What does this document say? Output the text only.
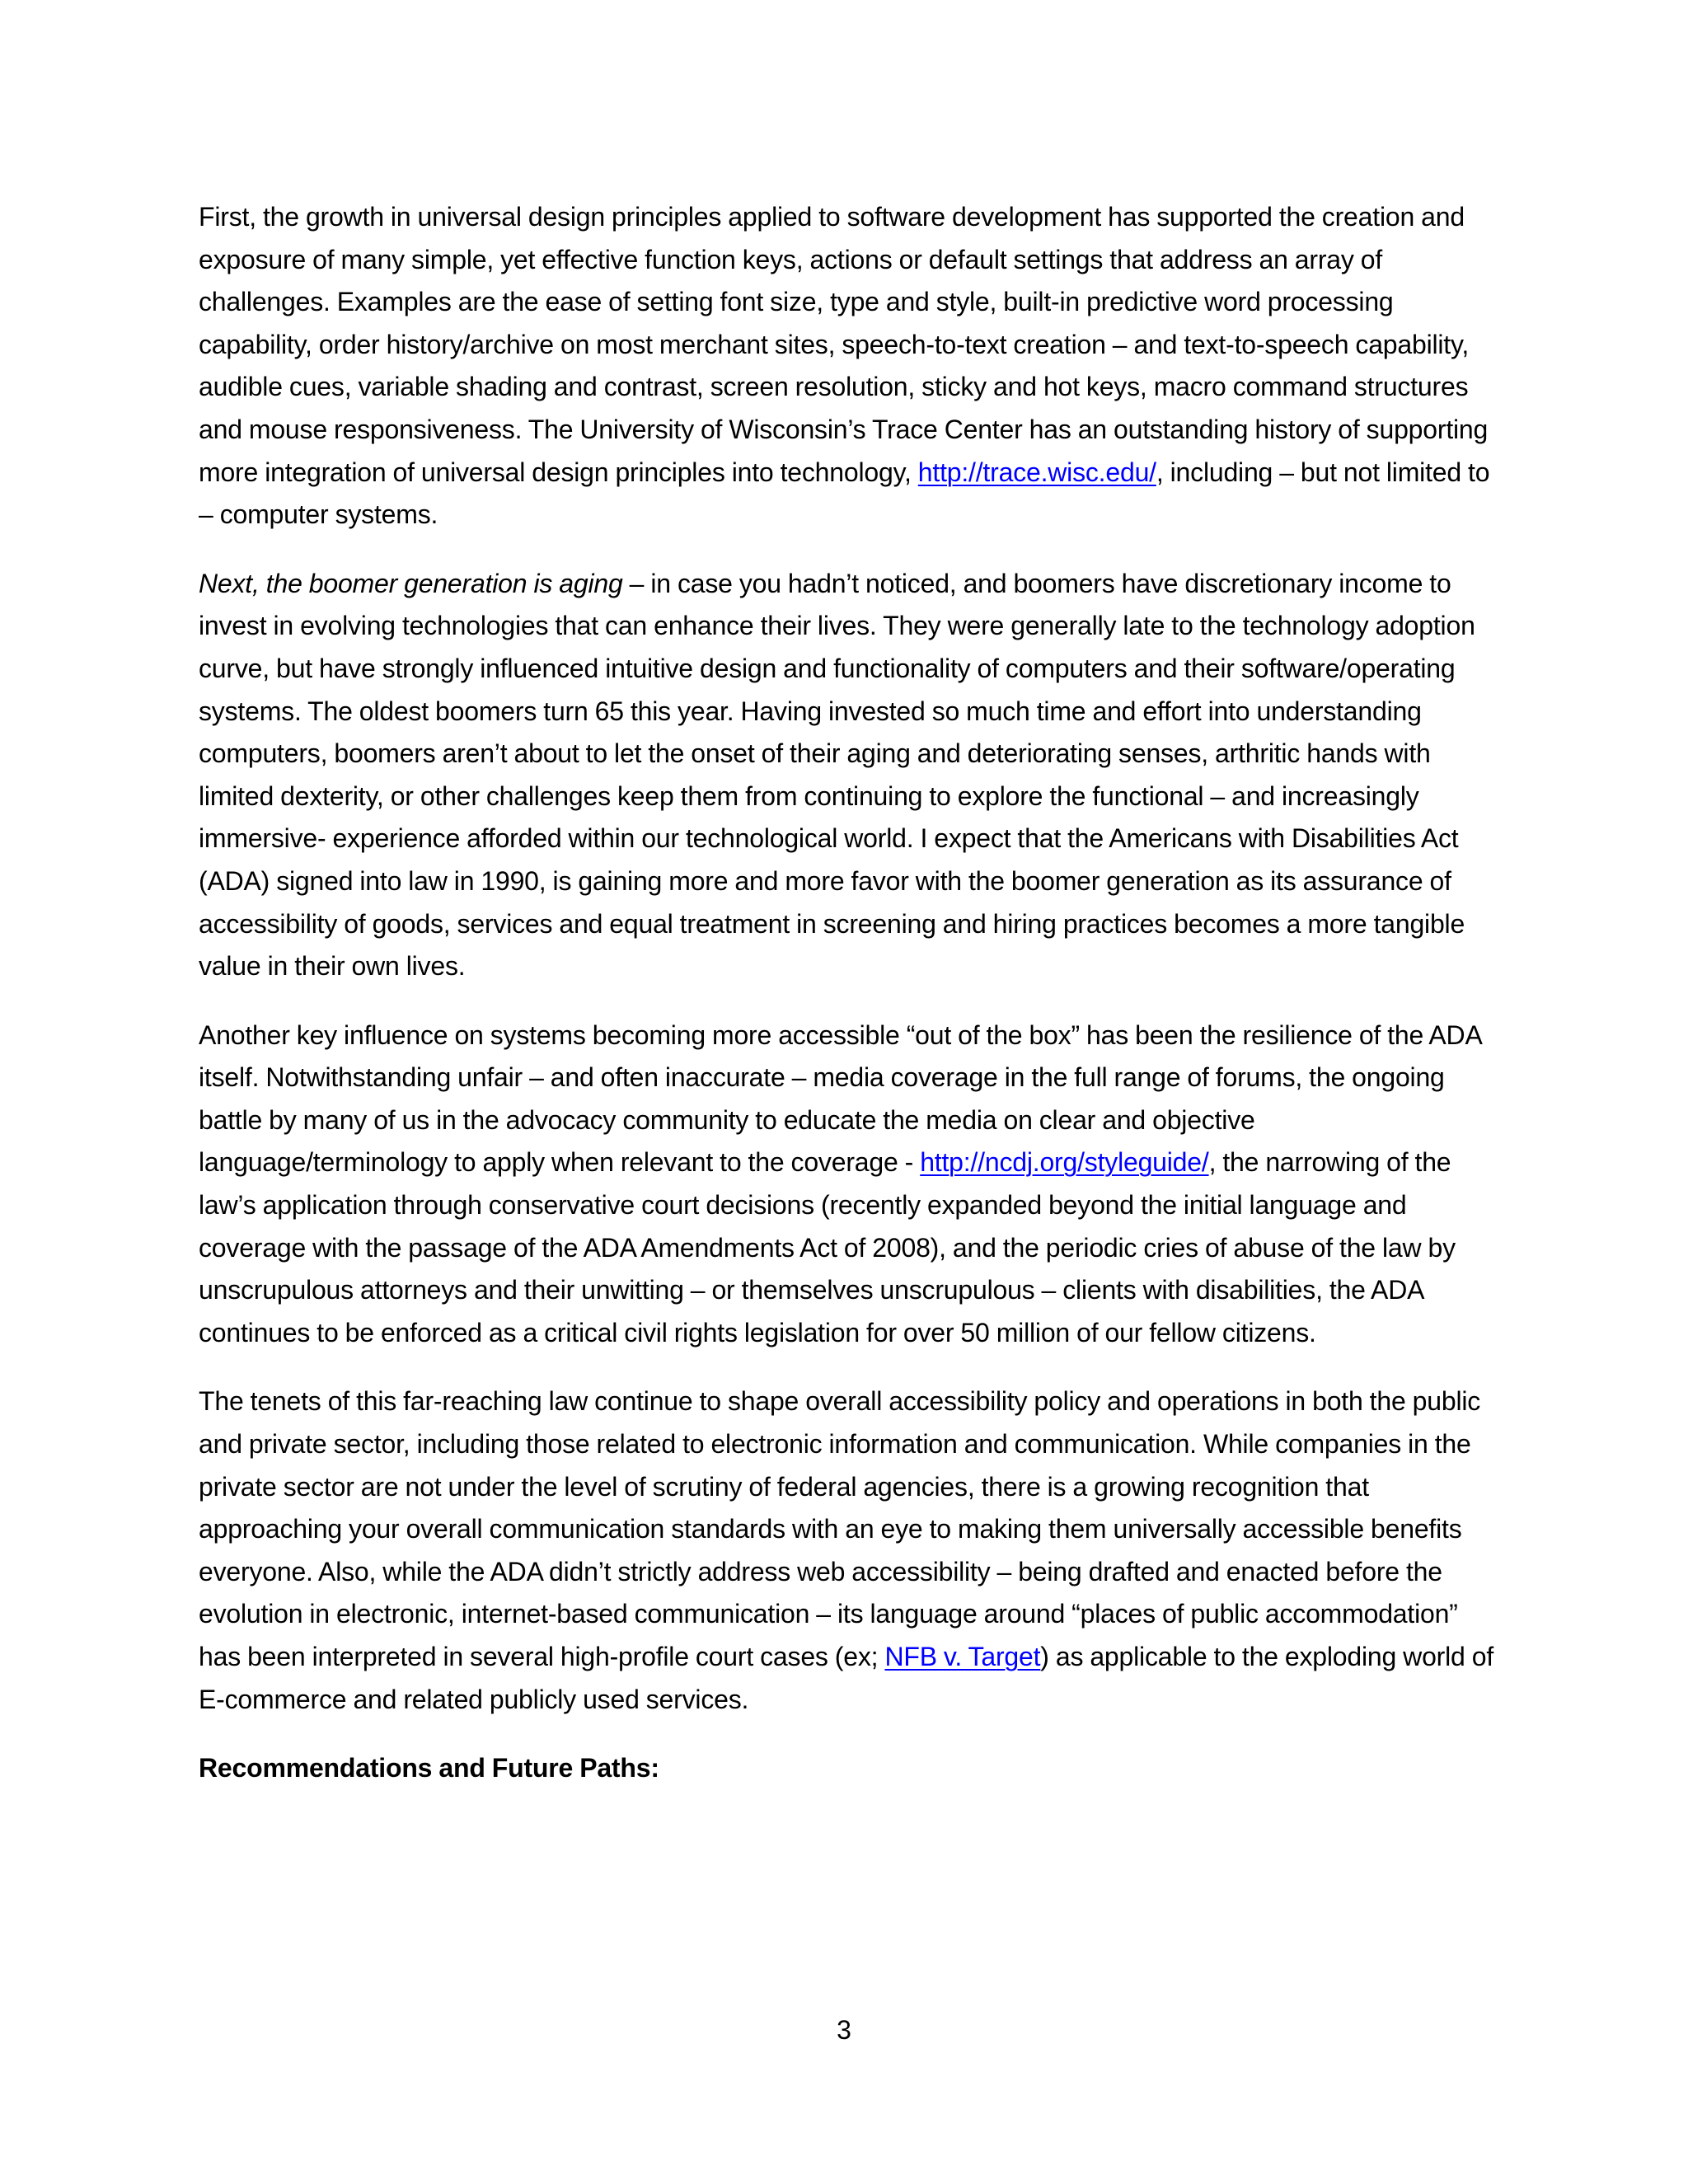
First, the growth in universal design principles applied to software development has supported the creation and exposure of many simple, yet effective function keys, actions or default settings that address an array of challenges. Examples are the ease of setting font size, type and style, built-in predictive word processing capability, order history/archive on most merchant sites, speech-to-text creation – and text-to-speech capability, audible cues, variable shading and contrast, screen resolution, sticky and hot keys, macro command structures and mouse responsiveness. The University of Wisconsin’s Trace Center has an outstanding history of supporting more integration of universal design principles into technology, http://trace.wisc.edu/, including – but not limited to – computer systems.

Next, the boomer generation is aging – in case you hadn’t noticed, and boomers have discretionary income to invest in evolving technologies that can enhance their lives. They were generally late to the technology adoption curve, but have strongly influenced intuitive design and functionality of computers and their software/operating systems. The oldest boomers turn 65 this year. Having invested so much time and effort into understanding computers, boomers aren’t about to let the onset of their aging and deteriorating senses, arthritic hands with limited dexterity, or other challenges keep them from continuing to explore the functional – and increasingly immersive- experience afforded within our technological world. I expect that the Americans with Disabilities Act (ADA) signed into law in 1990, is gaining more and more favor with the boomer generation as its assurance of accessibility of goods, services and equal treatment in screening and hiring practices becomes a more tangible value in their own lives.

Another key influence on systems becoming more accessible “out of the box” has been the resilience of the ADA itself. Notwithstanding unfair – and often inaccurate – media coverage in the full range of forums, the ongoing battle by many of us in the advocacy community to educate the media on clear and objective language/terminology to apply when relevant to the coverage - http://ncdj.org/styleguide/, the narrowing of the law’s application through conservative court decisions (recently expanded beyond the initial language and coverage with the passage of the ADA Amendments Act of 2008), and the periodic cries of abuse of the law by unscrupulous attorneys and their unwitting – or themselves unscrupulous – clients with disabilities, the ADA continues to be enforced as a critical civil rights legislation for over 50 million of our fellow citizens.

The tenets of this far-reaching law continue to shape overall accessibility policy and operations in both the public and private sector, including those related to electronic information and communication. While companies in the private sector are not under the level of scrutiny of federal agencies, there is a growing recognition that approaching your overall communication standards with an eye to making them universally accessible benefits everyone. Also, while the ADA didn’t strictly address web accessibility – being drafted and enacted before the evolution in electronic, internet-based communication – its language around “places of public accommodation” has been interpreted in several high-profile court cases (ex; NFB v. Target) as applicable to the exploding world of E-commerce and related publicly used services.

Recommendations and Future Paths:

3
